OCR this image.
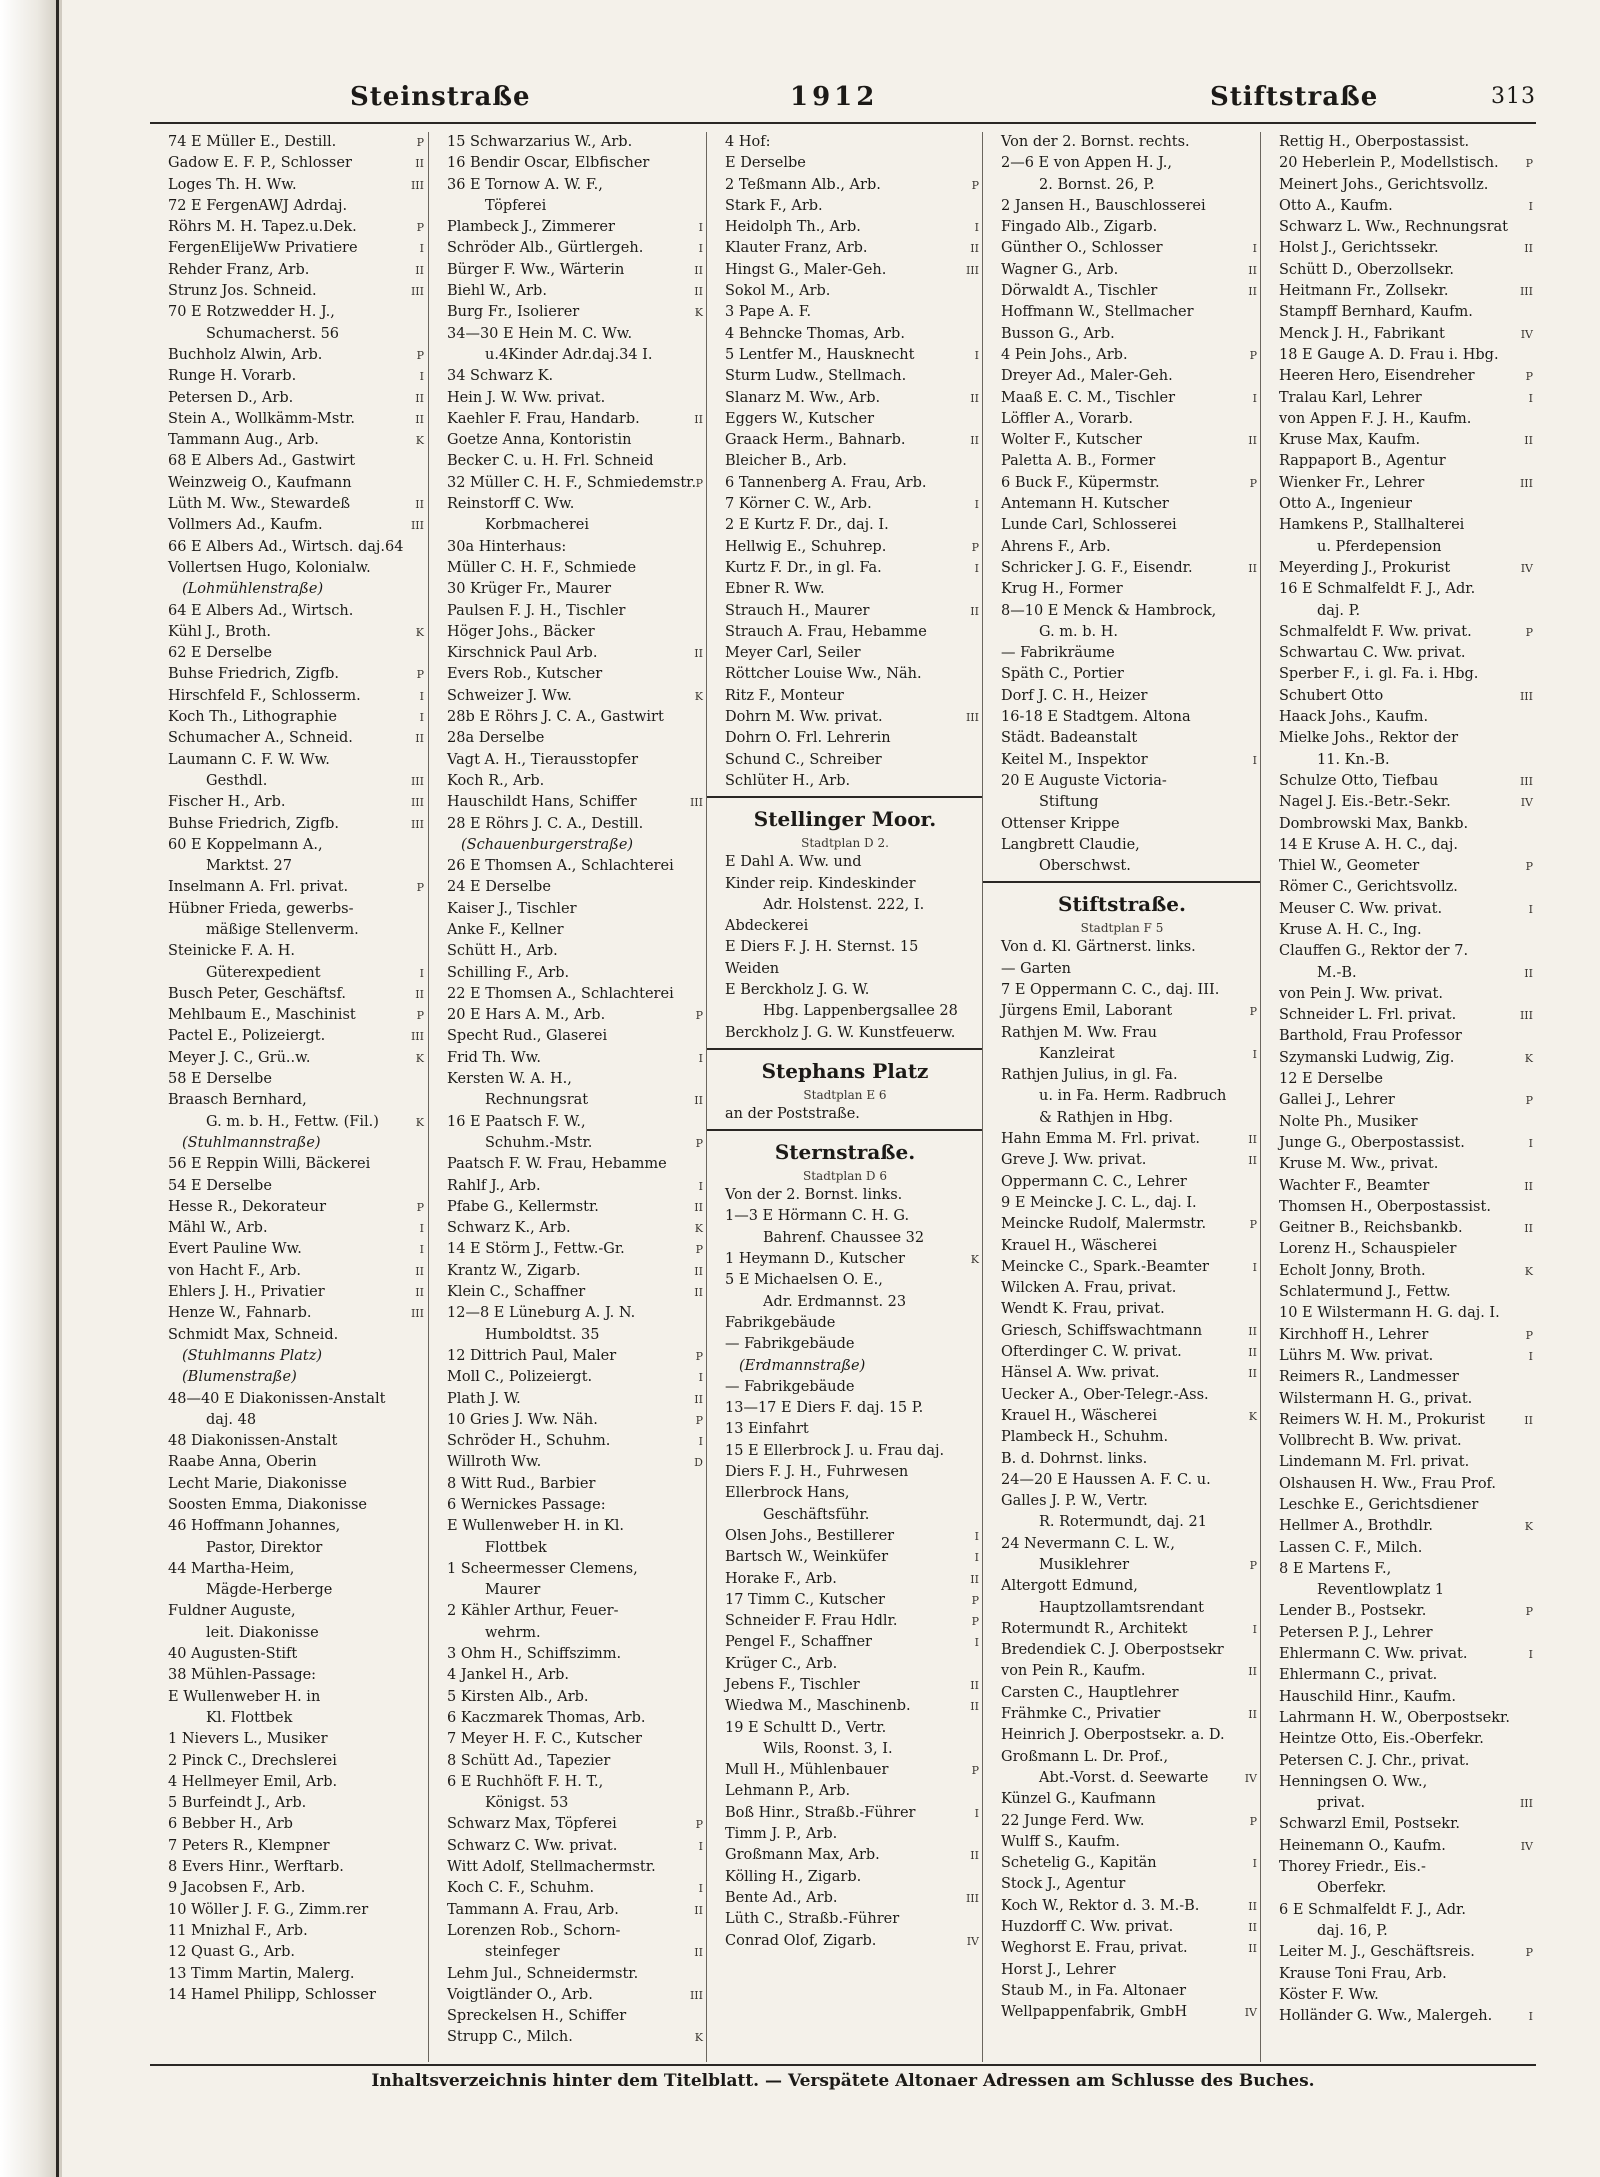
Steinstraße	1912	Stiftstraße	313
74 E Müller E., Destill.	P
Gadow E. F. P., Schlosser	II
Loges Th. H. Ww.	III
72 E FergenAWJ Adrdaj.
Röhrs M. H. Tapez.u.Dek.	P
FergenElijeWw Privatiere	I
Rehder Franz, Arb.	II
Strunz Jos. Schneid.	III
70 E Rotzwedder H. J.,
Schumacherst. 56
Buchholz Alwin, Arb.	P
Runge H. Vorarb.	I
Petersen D., Arb.	II
Stein A., Wollkämm-Mstr.	II
Tammann Aug., Arb.	K
68 E Albers Ad., Gastwirt
Weinzweig O., Kaufmann
Lüth M. Ww., Stewardeß	II
Vollmers Ad., Kaufm.	III
66 E Albers Ad., Wirtsch. daj.64
Vollertsen Hugo, Kolonialw.
(Lohmühlenstraße)
64 E Albers Ad., Wirtsch.
Kühl J., Broth.	K
62 E Derselbe
Buhse Friedrich, Zigfb.	P
Hirschfeld F., Schlosserm.	I
Koch Th., Lithographie	I
Schumacher A., Schneid.	II
Laumann C. F. W. Ww.
Gesthdl.	III
Fischer H., Arb.	III
Buhse Friedrich, Zigfb.	III
60 E Koppelmann A.,
Marktst. 27
Inselmann A. Frl. privat.	P
Hübner Frieda, gewerbs-
mäßige Stellenverm.
Steinicke F. A. H.
Güterexpedient	I
Busch Peter, Geschäftsf.	II
Mehlbaum E., Maschinist	P
Pactel E., Polizeiergt.	III
Meyer J. C., Grü..w.	K
58 E Derselbe
Braasch Bernhard,
G. m. b. H., Fettw. (Fil.)	K
(Stuhlmannstraße)
56 E Reppin Willi, Bäckerei
54 E Derselbe
Hesse R., Dekorateur	P
Mähl W., Arb.	I
Evert Pauline Ww.	I
von Hacht F., Arb.	II
Ehlers J. H., Privatier	II
Henze W., Fahnarb.	III
Schmidt Max, Schneid.
(Stuhlmanns Platz)
(Blumenstraße)
48—40 E Diakonissen-Anstalt
daj. 48
48 Diakonissen-Anstalt
Raabe Anna, Oberin
Lecht Marie, Diakonisse
Soosten Emma, Diakonisse
46 Hoffmann Johannes,
Pastor, Direktor
44 Martha-Heim,
Mägde-Herberge
Fuldner Auguste,
leit. Diakonisse
40 Augusten-Stift
38 Mühlen-Passage:
E Wullenweber H. in
Kl. Flottbek
1 Nievers L., Musiker
2 Pinck C., Drechslerei
4 Hellmeyer Emil, Arb.
5 Burfeindt J., Arb.
6 Bebber H., Arb
7 Peters R., Klempner
8 Evers Hinr., Werftarb.
9 Jacobsen F., Arb.
10 Wöller J. F. G., Zimm.rer
11 Mnizhal F., Arb.
12 Quast G., Arb.
13 Timm Martin, Malerg.
14 Hamel Philipp, Schlosser
15 Schwarzarius W., Arb.
16 Bendir Oscar, Elbfischer
36 E Tornow A. W. F.,
Töpferei
Plambeck J., Zimmerer	I
Schröder Alb., Gürtlergeh.	I
Bürger F. Ww., Wärterin	II
Biehl W., Arb.	II
Burg Fr., Isolierer	K
34—30 E Hein M. C. Ww.
u.4Kinder Adr.daj.34 I.
34 Schwarz K.
Hein J. W. Ww. privat.
Kaehler F. Frau, Handarb.	II
Goetze Anna, Kontoristin
Becker C. u. H. Frl. Schneid
32 Müller C. H. F., Schmiedemstr. P
Reinstorff C. Ww.
Korbmacherei
30a Hinterhaus:
Müller C. H. F., Schmiede
30 Krüger Fr., Maurer
Paulsen F. J. H., Tischler
Höger Johs., Bäcker
Kirschnick Paul Arb.	II
Evers Rob., Kutscher
Schweizer J. Ww.	K
28b E Röhrs J. C. A., Gastwirt
28a Derselbe
Vagt A. H., Tierausstopfer
Koch R., Arb.
Hauschildt Hans, Schiffer	III
28 E Röhrs J. C. A., Destill.
(Schauenburgerstraße)
26 E Thomsen A., Schlachterei
24 E Derselbe
Kaiser J., Tischler
Anke F., Kellner
Schütt H., Arb.
Schilling F., Arb.
22 E Thomsen A., Schlachterei
20 E Hars A. M., Arb.	P
Specht Rud., Glaserei
Frid Th. Ww.	I
Kersten W. A. H.,
Rechnungsrat	II
16 E Paatsch F. W.,
Schuhm.-Mstr.	P
Paatsch F. W. Frau, Hebamme
Rahlf J., Arb.	I
Pfabe G., Kellermstr.	II
Schwarz K., Arb.	K
14 E Störm J., Fettw.-Gr.	P
Krantz W., Zigarb.	II
Klein C., Schaffner	II
12—8 E Lüneburg A. J. N.
Humboldtst. 35
12 Dittrich Paul, Maler	P
Moll C., Polizeiergt.	I
Plath J. W.	II
10 Gries J. Ww. Näh.	P
Schröder H., Schuhm.	I
Willroth Ww.	D
8 Witt Rud., Barbier
6 Wernickes Passage:
E Wullenweber H. in Kl.
Flottbek
1 Scheermesser Clemens,
Maurer
2 Kähler Arthur, Feuer-
wehrm.
3 Ohm H., Schiffszimm.
4 Jankel H., Arb.
5 Kirsten Alb., Arb.
6 Kaczmarek Thomas, Arb.
7 Meyer H. F. C., Kutscher
8 Schütt Ad., Tapezier
6 E Ruchhöft F. H. T.,
Königst. 53
Schwarz Max, Töpferei	P
Schwarz C. Ww. privat.	I
Witt Adolf, Stellmachermstr.
Koch C. F., Schuhm.	I
Tammann A. Frau, Arb.	II
Lorenzen Rob., Schorn-
steinfeger	II
Lehm Jul., Schneidermstr.
Voigtländer O., Arb.	III
Spreckelsen H., Schiffer
Strupp C., Milch.	K
4 Hof:
E Derselbe
2 Teßmann Alb., Arb.	P
Stark F., Arb.
Heidolph Th., Arb.	I
Klauter Franz, Arb.	II
Hingst G., Maler-Geh.	III
Sokol M., Arb.
3 Pape A. F.
4 Behncke Thomas, Arb.
5 Lentfer M., Hausknecht	I
Sturm Ludw., Stellmach.
Slanarz M. Ww., Arb.	II
Eggers W., Kutscher
Graack Herm., Bahnarb.	II
Bleicher B., Arb.
6 Tannenberg A. Frau, Arb.
7 Körner C. W., Arb.	I
2 E Kurtz F. Dr., daj. I.
Hellwig E., Schuhrep.	P
Kurtz F. Dr., in gl. Fa.	I
Ebner R. Ww.
Strauch H., Maurer	II
Strauch A. Frau, Hebamme
Meyer Carl, Seiler
Röttcher Louise Ww., Näh.
Ritz F., Monteur
Dohrn M. Ww. privat.	III
Dohrn O. Frl. Lehrerin
Schund C., Schreiber
Schlüter H., Arb.
Stellinger Moor.
Stadtplan D 2.
E Dahl A. Ww. und
Kinder reip. Kindeskinder
Adr. Holstenst. 222, I.
Abdeckerei
E Diers F. J. H. Sternst. 15
Weiden
E Berckholz J. G. W.
Hbg. Lappenbergsallee 28
Berckholz J. G. W. Kunstfeuerw.
Stephans Platz
Stadtplan E 6
an der Poststraße.
Sternstraße.
Stadtplan D 6
Von der 2. Bornst. links.
1—3 E Hörmann C. H. G.
Bahrenf. Chaussee 32
1 Heymann D., Kutscher	K
5 E Michaelsen O. E.,
Adr. Erdmannst. 23
Fabrikgebäude
— Fabrikgebäude
(Erdmannstraße)
— Fabrikgebäude
13—17 E Diers F. daj. 15 P.
13 Einfahrt
15 E Ellerbrock J. u. Frau daj.
Diers F. J. H., Fuhrwesen
Ellerbrock Hans,
Geschäftsführ.
Olsen Johs., Bestillerer	I
Bartsch W., Weinküfer	I
Horake F., Arb.	II
17 Timm C., Kutscher	P
Schneider F. Frau Hdlr.	P
Pengel F., Schaffner	I
Krüger C., Arb.
Jebens F., Tischler	II
Wiedwa M., Maschinenb.	II
19 E Schultt D., Vertr.
Wils, Roonst. 3, I.
Mull H., Mühlenbauer	P
Lehmann P., Arb.
Boß Hinr., Straßb.-Führer	I
Timm J. P., Arb.
Großmann Max, Arb.	II
Kölling H., Zigarb.
Bente Ad., Arb.	III
Lüth C., Straßb.-Führer
Conrad Olof, Zigarb.	IV
Von der 2. Bornst. rechts.
2—6 E von Appen H. J.,
2. Bornst. 26, P.
2 Jansen H., Bauschlosserei
Fingado Alb., Zigarb.
Günther O., Schlosser	I
Wagner G., Arb.	II
Dörwaldt A., Tischler	II
Hoffmann W., Stellmacher
Busson G., Arb.
4 Pein Johs., Arb.	P
Dreyer Ad., Maler-Geh.
Maaß E. C. M., Tischler	I
Löffler A., Vorarb.
Wolter F., Kutscher	II
Paletta A. B., Former
6 Buck F., Küpermstr.	P
Antemann H. Kutscher
Lunde Carl, Schlosserei
Ahrens F., Arb.
Schricker J. G. F., Eisendr.	II
Krug H., Former
8—10 E Menck & Hambrock,
G. m. b. H.
— Fabrikräume
Späth C., Portier
Dorf J. C. H., Heizer
16-18 E Stadtgem. Altona
Städt. Badeanstalt
Keitel M., Inspektor	I
20 E Auguste Victoria-
Stiftung
Ottenser Krippe
Langbrett Claudie,
Oberschwst.
Stiftstraße.
Stadtplan F 5
Von d. Kl. Gärtnerst. links.
— Garten
7 E Oppermann C. C., daj. III.
Jürgens Emil, Laborant	P
Rathjen M. Ww. Frau
Kanzleirat	I
Rathjen Julius, in gl. Fa.
u. in Fa. Herm. Radbruch
& Rathjen in Hbg.
Hahn Emma M. Frl. privat.	II
Greve J. Ww. privat.	II
Oppermann C. C., Lehrer
9 E Meincke J. C. L., daj. I.
Meincke Rudolf, Malermstr.	P
Krauel H., Wäscherei
Meincke C., Spark.-Beamter	I
Wilcken A. Frau, privat.
Wendt K. Frau, privat.
Griesch, Schiffswachtmann	II
Ofterdinger C. W. privat.	II
Hänsel A. Ww. privat.	II
Uecker A., Ober-Telegr.-Ass.
Krauel H., Wäscherei	K
Plambeck H., Schuhm.
B. d. Dohrnst. links.
24—20 E Haussen A. F. C. u.
Galles J. P. W., Vertr.
R. Rotermundt, daj. 21
24 Nevermann C. L. W.,
Musiklehrer	P
Altergott Edmund,
Hauptzollamtsrendant
Rotermundt R., Architekt	I
Bredendiek C. J. Oberpostsekr
von Pein R., Kaufm.	II
Carsten C., Hauptlehrer
Frähmke C., Privatier	II
Heinrich J. Oberpostsekr. a. D.
Großmann L. Dr. Prof.,
Abt.-Vorst. d. Seewarte	IV
Künzel G., Kaufmann
22 Junge Ferd. Ww.	P
Wulff S., Kaufm.
Schetelig G., Kapitän	I
Stock J., Agentur
Koch W., Rektor d. 3. M.-B.	II
Huzdorff C. Ww. privat.	II
Weghorst E. Frau, privat.	II
Horst J., Lehrer
Staub M., in Fa. Altonaer
Wellpappenfabrik, GmbH	IV
Rettig H., Oberpostassist.
20 Heberlein P., Modellstisch. P
Meinert Johs., Gerichtsvollz.
Otto A., Kaufm.	I
Schwarz L. Ww., Rechnungsrat
Holst J., Gerichtssekr.	II
Schütt D., Oberzollsekr.
Heitmann Fr., Zollsekr.	III
Stampff Bernhard, Kaufm.
Menck J. H., Fabrikant	IV
18 E Gauge A. D. Frau i. Hbg.
Heeren Hero, Eisendreher	P
Tralau Karl, Lehrer	I
von Appen F. J. H., Kaufm.
Kruse Max, Kaufm.	II
Rappaport B., Agentur
Wienker Fr., Lehrer	III
Otto A., Ingenieur
Hamkens P., Stallhalterei
u. Pferdepension
Meyerding J., Prokurist	IV
16 E Schmalfeldt F. J., Adr.
daj. P.
Schmalfeldt F. Ww. privat.	P
Schwartau C. Ww. privat.
Sperber F., i. gl. Fa. i. Hbg.
Schubert Otto	III
Haack Johs., Kaufm.
Mielke Johs., Rektor der
11. Kn.-B.
Schulze Otto, Tiefbau	III
Nagel J. Eis.-Betr.-Sekr.	IV
Dombrowski Max, Bankb.
14 E Kruse A. H. C., daj.
Thiel W., Geometer	P
Römer C., Gerichtsvollz.
Meuser C. Ww. privat.	I
Kruse A. H. C., Ing.
Clauffen G., Rektor der 7.
M.-B.	II
von Pein J. Ww. privat.
Schneider L. Frl. privat.	III
Barthold, Frau Professor
Szymanski Ludwig, Zig.	K
12 E Derselbe
Gallei J., Lehrer	P
Nolte Ph., Musiker
Junge G., Oberpostassist.	I
Kruse M. Ww., privat.
Wachter F., Beamter	II
Thomsen H., Oberpostassist.
Geitner B., Reichsbankb.	II
Lorenz H., Schauspieler
Echolt Jonny, Broth.	K
Schlatermund J., Fettw.
10 E Wilstermann H. G. daj. I.
Kirchhoff H., Lehrer	P
Lührs M. Ww. privat.	I
Reimers R., Landmesser
Wilstermann H. G., privat.
Reimers W. H. M., Prokurist	II
Vollbrecht B. Ww. privat.
Lindemann M. Frl. privat.
Olshausen H. Ww., Frau Prof.
Leschke E., Gerichtsdiener
Hellmer A., Brothdlr.	K
Lassen C. F., Milch.
8 E Martens F.,
Reventlowplatz 1
Lender B., Postsekr.	P
Petersen P. J., Lehrer
Ehlermann C. Ww. privat.	I
Ehlermann C., privat.
Hauschild Hinr., Kaufm.
Lahrmann H. W., Oberpostsekr.
Heintze Otto, Eis.-Oberfekr.
Petersen C. J. Chr., privat.
Henningsen O. Ww.,
privat.	III
Schwarzl Emil, Postsekr.
Heinemann O., Kaufm.	IV
Thorey Friedr., Eis.-
Oberfekr.
6 E Schmalfeldt F. J., Adr.
daj. 16, P.
Leiter M. J., Geschäftsreis.	P
Krause Toni Frau, Arb.
Köster F. Ww.
Holländer G. Ww., Malergeh.	I
Inhaltsverzeichnis hinter dem Titelblatt. — Verspätete Altonaer Adressen am Schlusse des Buches.
